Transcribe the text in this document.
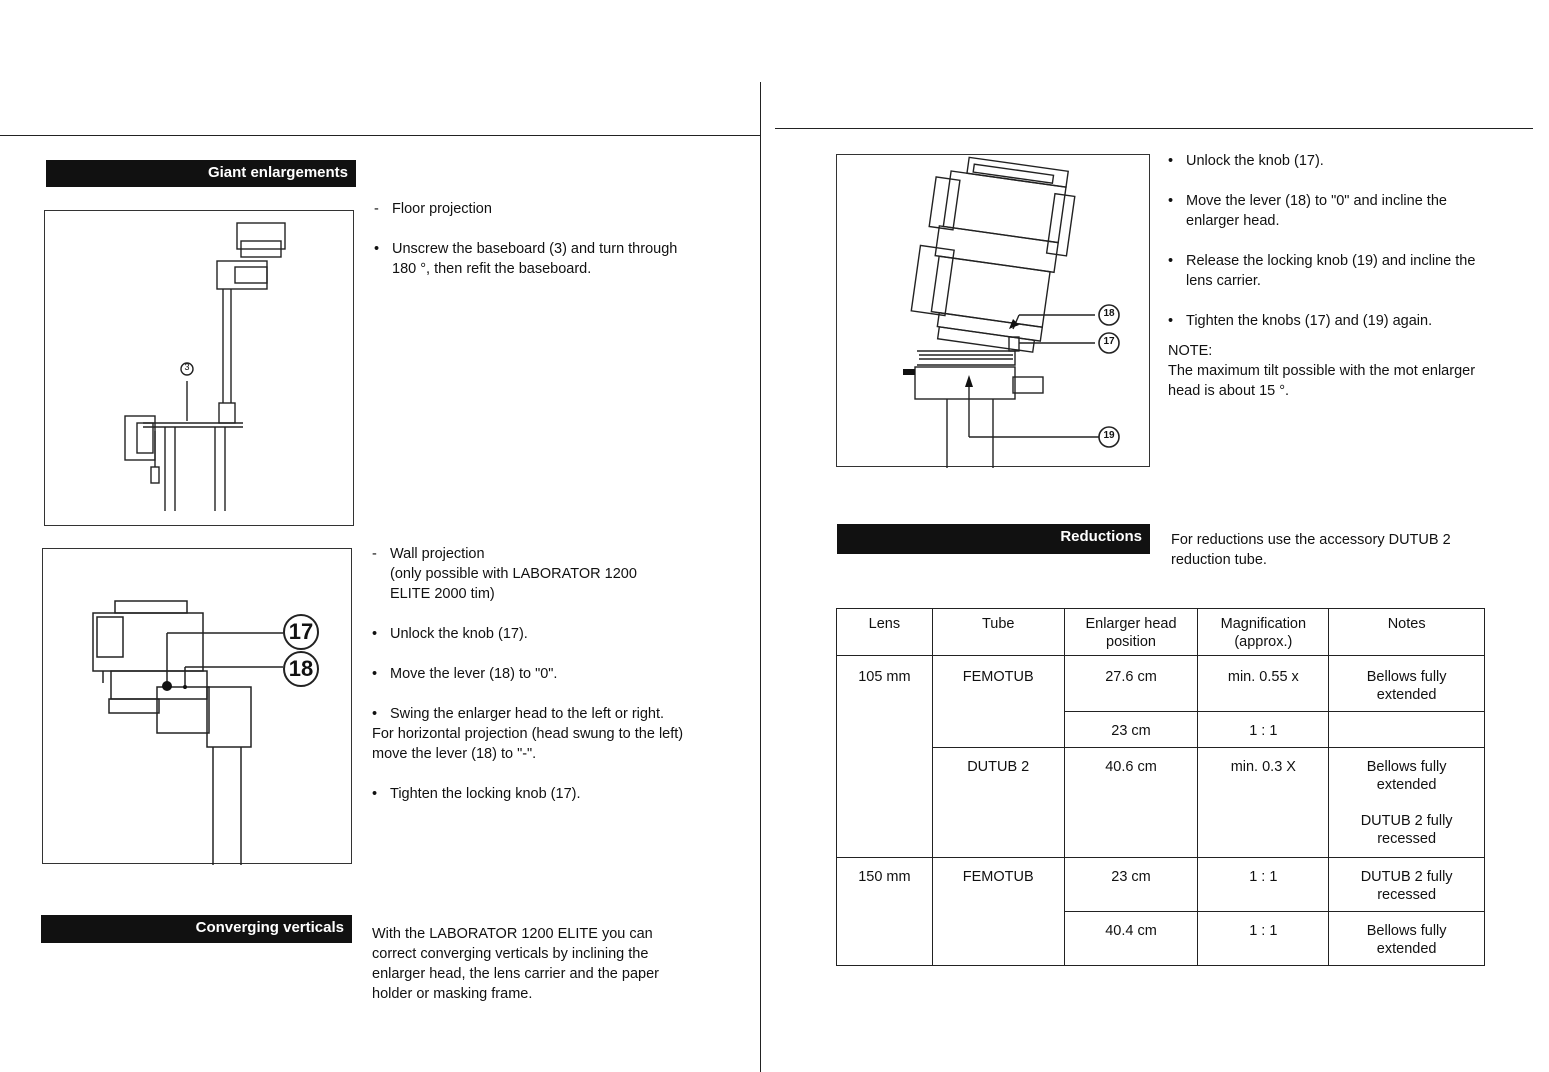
Giant enlargements
3
- Floor projection
• Unscrew the baseboard (3) and turn through 180 °, then refit the baseboard.
17
18
- Wall projection
(only possible with LABORATOR 1200
ELITE 2000 tim)
• Unlock the knob (17).
• Move the lever (18) to "0".
• Swing the enlarger head to the left or right.
For horizontal projection (head swung to the left) move the lever (18) to "-".
• Tighten the locking knob (17).
Converging verticals	With the LABORATOR 1200 ELITE you can correct converging verticals by inclining the enlarger head, the lens carrier and the paper holder or masking frame.
18
17
19
• Unlock the knob (17).
• Move the lever (18) to "0" and incline the enlarger head.
• Release the locking knob (19) and incline the lens carrier.
• Tighten the knobs (17) and (19) again.
NOTE:
The maximum tilt possible with the mot enlarger head is about 15 °.
Reductions	For reductions use the accessory DUTUB 2 reduction tube.
Lens	Tube	Enlarger head position	Magnification (approx.)	Notes
105 mm	FEMOTUB	27.6 cm	min. 0.55 x	Bellows fully extended
		23 cm	1 : 1	
	DUTUB 2	40.6 cm	min. 0.3 X	Bellows fully extended
DUTUB 2 fully recessed

150 mm	FEMOTUB	23 cm	1 : 1	DUTUB 2 fully recessed
		40.4 cm	1 : 1	Bellows fully extended
